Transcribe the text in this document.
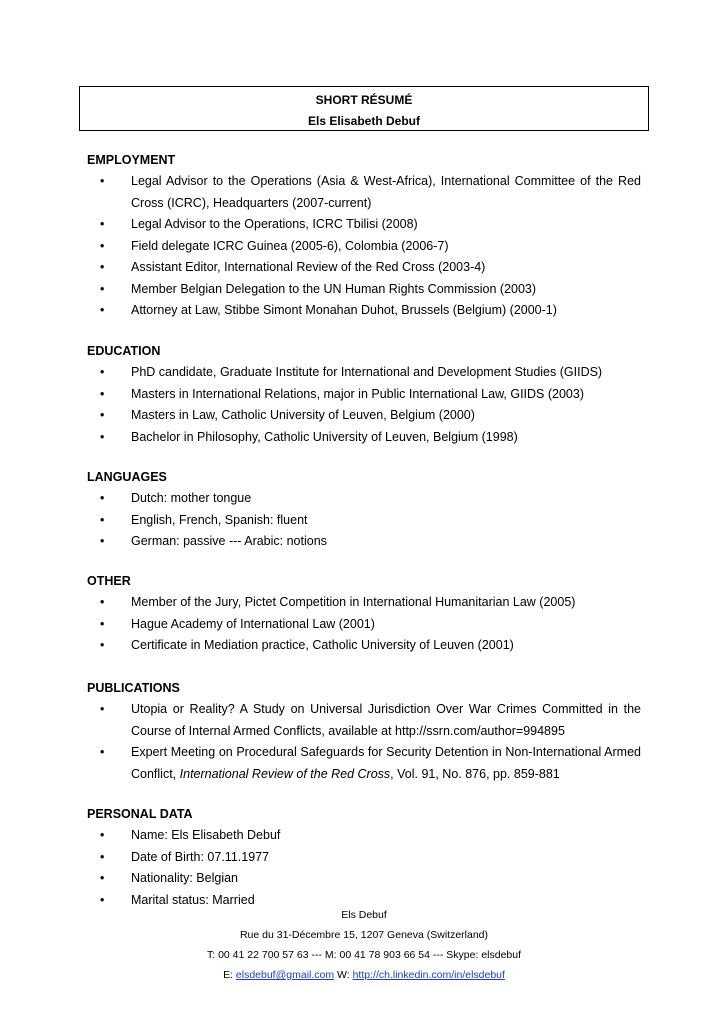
SHORT RÉSUMÉ
Els Elisabeth Debuf
EMPLOYMENT
• Legal Advisor to the Operations (Asia & West-Africa), International Committee of the Red Cross (ICRC), Headquarters (2007-current)
• Legal Advisor to the Operations, ICRC Tbilisi (2008)
• Field delegate ICRC Guinea (2005-6), Colombia (2006-7)
• Assistant Editor, International Review of the Red Cross (2003-4)
• Member Belgian Delegation to the UN Human Rights Commission (2003)
• Attorney at Law, Stibbe Simont Monahan Duhot, Brussels (Belgium) (2000-1)
EDUCATION
• PhD candidate, Graduate Institute for International and Development Studies (GIIDS)
• Masters in International Relations, major in Public International Law, GIIDS (2003)
• Masters in Law, Catholic University of Leuven, Belgium (2000)
• Bachelor in Philosophy, Catholic University of Leuven, Belgium (1998)
LANGUAGES
• Dutch: mother tongue
• English, French, Spanish: fluent
• German: passive --- Arabic: notions
OTHER
• Member of the Jury, Pictet Competition in International Humanitarian Law (2005)
• Hague Academy of International Law (2001)
• Certificate in Mediation practice, Catholic University of Leuven (2001)
PUBLICATIONS
• Utopia or Reality? A Study on Universal Jurisdiction Over War Crimes Committed in the Course of Internal Armed Conflicts, available at http://ssrn.com/author=994895
• Expert Meeting on Procedural Safeguards for Security Detention in Non-International Armed Conflict, International Review of the Red Cross, Vol. 91, No. 876, pp. 859-881
PERSONAL DATA
• Name: Els Elisabeth Debuf
• Date of Birth: 07.11.1977
• Nationality: Belgian
• Marital status: Married
Els Debuf
Rue du 31-Décembre 15, 1207 Geneva (Switzerland)
T: 00 41 22 700 57 63 --- M: 00 41 78 903 66 54 --- Skype: elsdebuf
E: elsdebuf@gmail.com W: http://ch.linkedin.com/in/elsdebuf
